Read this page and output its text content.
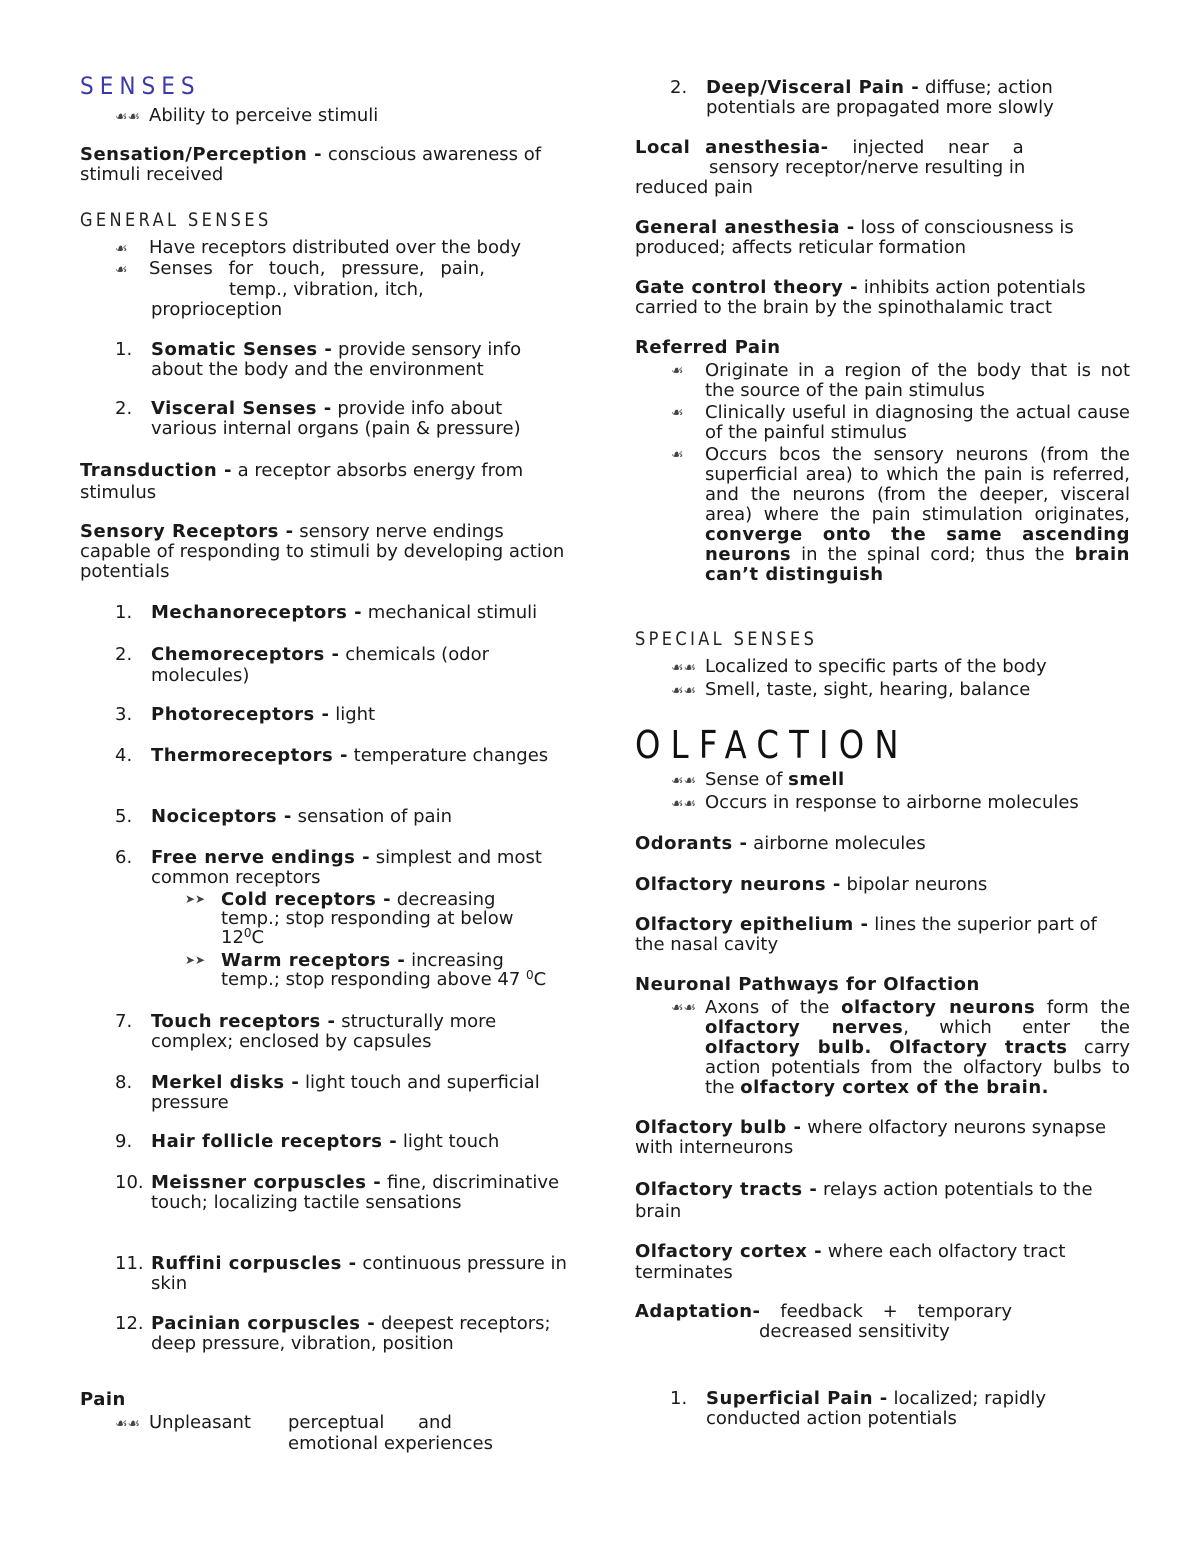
SENSES
☙☙ Ability to perceive stimuli
Sensation/Perception - conscious awareness of stimuli received
GENERAL SENSES
☙ Have receptors distributed over the body
☙ Senses for touch, pressure, pain,
temp., vibration, itch,
proprioception
1.	Somatic Senses - provide sensory info about the body and the environment
2.	Visceral Senses - provide info about various internal organs (pain & pressure)
Transduction - a receptor absorbs energy from stimulus
Sensory Receptors - sensory nerve endings capable of responding to stimuli by developing action potentials
1.	Mechanoreceptors - mechanical stimuli
2.	Chemoreceptors - chemicals (odor molecules)
3.	Photoreceptors - light
4.	Thermoreceptors - temperature changes
5.	Nociceptors - sensation of pain
6.	Free nerve endings - simplest and most common receptors
➤➤ Cold receptors - decreasing
temp.; stop responding at below
$12^0C$
➤➤ Warm receptors - increasing
temp.; stop responding above 47 $^0$C
7.	Touch receptors - structurally more complex; enclosed by capsules
8.	Merkel disks - light touch and superficial pressure
9.	Hair follicle receptors - light touch
10. Meissner corpuscles - fine, discriminative touch; localizing tactile sensations
11. Ruffini corpuscles - continuous pressure in skin
12. Pacinian corpuscles - deepest receptors; deep pressure, vibration, position
Pain
☙☙ Unpleasant perceptual and
emotional experiences
2.	Deep/Visceral Pain - diffuse; action potentials are propagated more slowly
Local anesthesia- injected near a
sensory receptor/nerve resulting in
reduced pain
General anesthesia - loss of consciousness is produced; affects reticular formation
Gate control theory - inhibits action potentials carried to the brain by the spinothalamic tract
Referred Pain
☙	Originate in a region of the body that is not the source of the pain stimulus
☙	Clinically useful in diagnosing the actual cause of the painful stimulus
☙	Occurs bcos the sensory neurons (from the superficial area) to which the pain is referred, and the neurons (from the deeper, visceral area) where the pain stimulation originates, converge onto the same ascending neurons in the spinal cord; thus the brain can’t distinguish
SPECIAL SENSES
☙☙ Localized to specific parts of the body
☙☙ Smell, taste, sight, hearing, balance
OLFACTION
☙☙ Sense of smell
☙☙ Occurs in response to airborne molecules
Odorants - airborne molecules
Olfactory neurons - bipolar neurons
Olfactory epithelium - lines the superior part of the nasal cavity
Neuronal Pathways for Olfaction
☙☙ Axons of the olfactory neurons form the olfactory nerves, which enter the olfactory bulb. Olfactory tracts carry action potentials from the olfactory bulbs to the olfactory cortex of the brain.
Olfactory bulb - where olfactory neurons synapse with interneurons
Olfactory tracts - relays action potentials to the brain
Olfactory cortex - where each olfactory tract terminates
Adaptation- feedback + temporary
decreased sensitivity
1.	Superficial Pain - localized; rapidly conducted action potentials
